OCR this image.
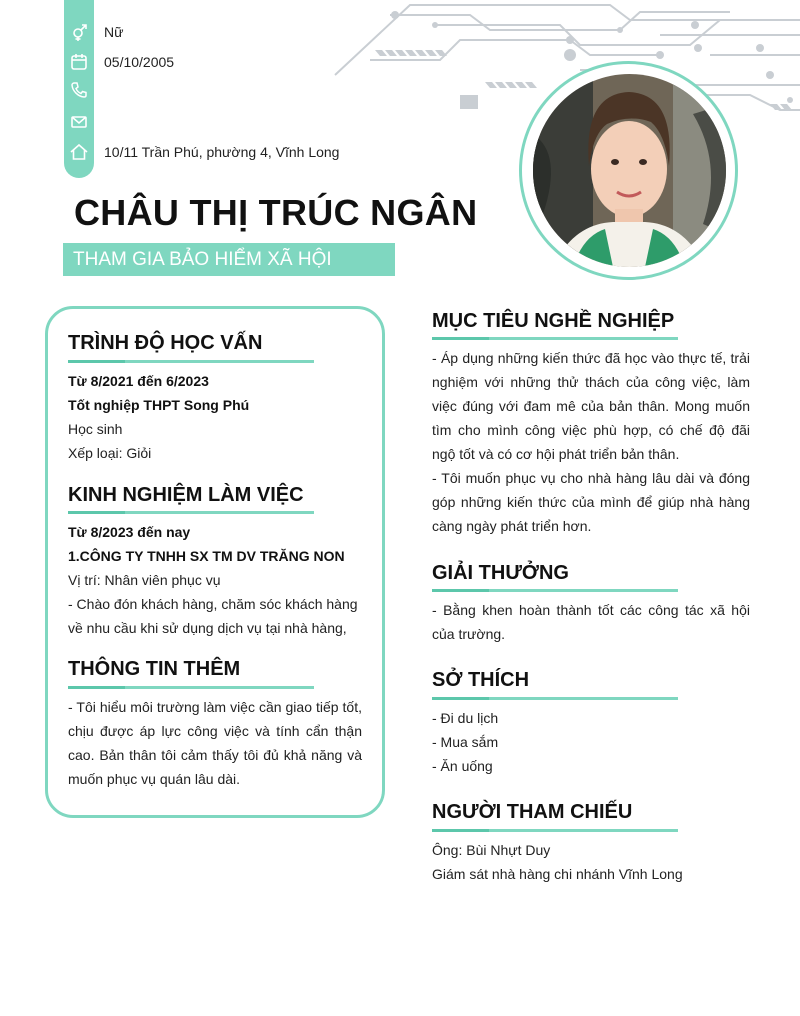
Nữ
05/10/2005
10/11 Trần Phú, phường 4, Vĩnh Long
CHÂU THỊ TRÚC NGÂN
THAM GIA BẢO HIỂM XÃ HỘI
TRÌNH ĐỘ HỌC VẤN
Từ 8/2021 đến 6/2023
Tốt nghiệp THPT Song Phú
Học sinh
Xếp loại: Giỏi
KINH NGHIỆM LÀM VIỆC
Từ 8/2023 đến nay
1.CÔNG TY TNHH SX TM DV TRĂNG NON
Vị trí: Nhân viên phục vụ
- Chào đón khách hàng, chăm sóc khách hàng
về nhu cầu khi sử dụng dịch vụ tại nhà hàng,
THÔNG TIN THÊM
- Tôi hiểu môi trường làm việc cần giao tiếp tốt, chịu được áp lực công việc và tính cẩn thận cao. Bản thân tôi cảm thấy tôi đủ khả năng và muốn phục vụ quán lâu dài.
MỤC TIÊU NGHỀ NGHIỆP

- Áp dụng những kiến thức đã học vào thực tế, trải nghiệm với những thử thách của công việc, làm việc đúng với đam mê của bản thân. Mong muốn tìm cho mình công việc phù hợp, có chế độ đãi ngộ tốt và có cơ hội phát triển bản thân.

- Tôi muốn phục vụ cho nhà hàng lâu dài và đóng góp những kiến thức của mình để giúp nhà hàng càng ngày phát triển hơn.

GIẢI THƯỞNG
- Bằng khen hoàn thành tốt các công tác xã hội của trường.
SỞ THÍCH
- Đi du lịch
- Mua sắm
- Ăn uống
NGƯỜI THAM CHIẾU
Ông: Bùi Nhựt Duy
Giám sát nhà hàng chi nhánh Vĩnh Long
